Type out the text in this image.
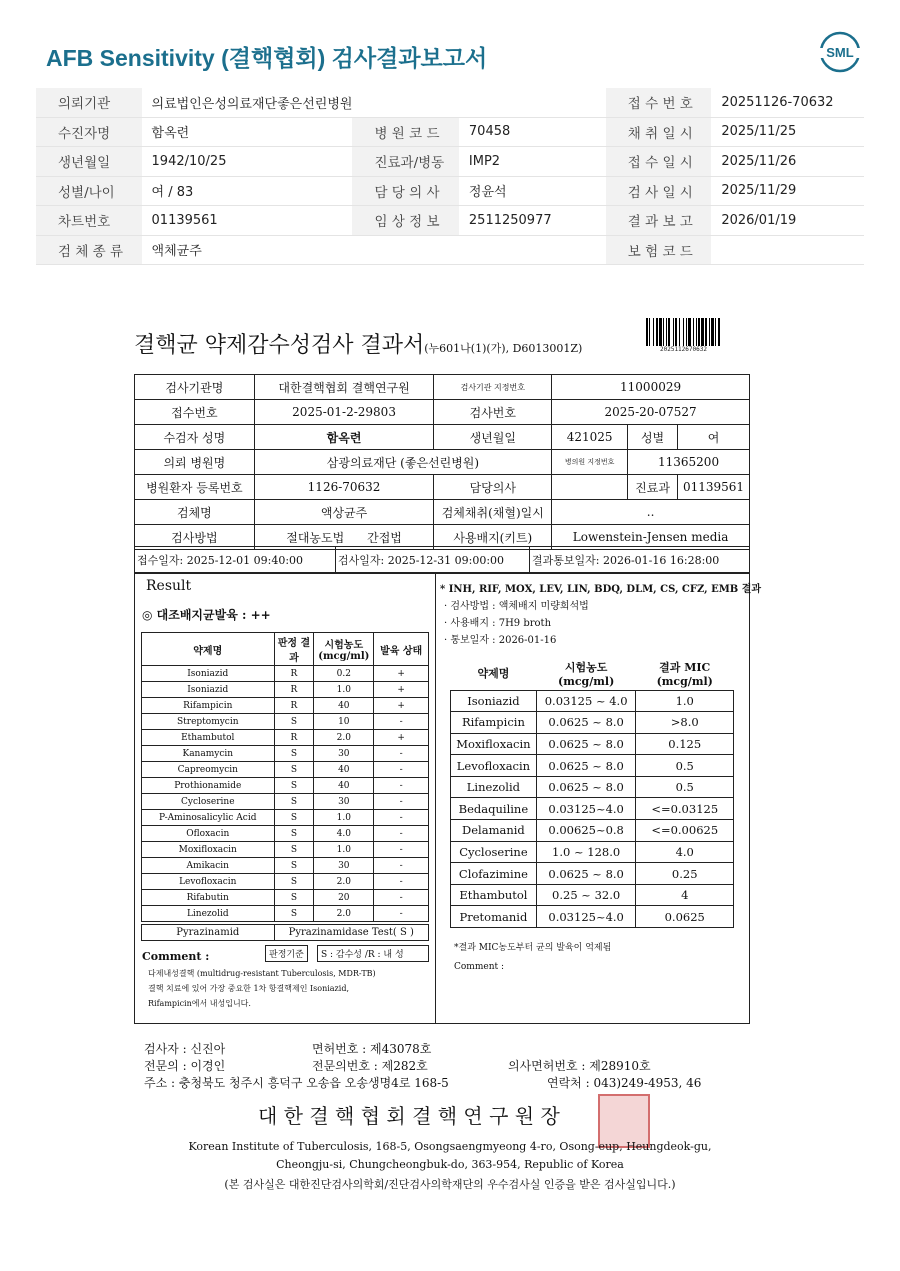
AFB Sensitivity (결핵협회) 검사결과보고서	SML
의뢰기관	의료법인은성의료재단좋은선린병원			접 수 번 호	20251126-70632
수진자명	함옥련	병 원 코 드	70458	채 취 일 시	2025/11/25
생년월일	1942/10/25	진료과/병동	IMP2	접 수 일 시	2025/11/26
성별/나이	여 / 83	담 당 의 사	정윤석	검 사 일 시	2025/11/29
차트번호	01139561	임 상 정 보	2511250977	결 과 보 고	2026/01/19
검 체 종 류	액체균주			보 험 코 드	
결핵균 약제감수성검사 결과서(누601나(1)(가), D6013001Z)	2025112670632
검사기관명	대한결핵협회 결핵연구원	검사기관 지정번호	11000029		
접수번호	2025-01-2-29803	검사번호	2025-20-07527		
수검자 성명	함옥련	생년월일	421025	성별	여
의뢰 병원명	삼광의료재단 (좋은선린병원)		병의원 지정번호	11365200	
병원환자 등록번호	1126-70632	담당의사		진료과	01139561
검체명	액상균주	검체채취(채혈)일시	..		
검사방법	절대농도법 간접법	사용배지(키트)	Lowenstein-Jensen media		
접수일자: 2025-12-01 09:40:00	검사일자: 2025-12-31 09:00:00	결과통보일자: 2026-01-16 16:28:00
Result
◎ 대조배지균발육 : ++
약제명	판정 결과	시험농도 (mcg/ml)	발육 상태
Isoniazid	R	0.2	+
Isoniazid	R	1.0	+
Rifampicin	R	40	+
Streptomycin	S	10	-
Ethambutol	R	2.0	+
Kanamycin	S	30	-
Capreomycin	S	40	-
Prothionamide	S	40	-
Cycloserine	S	30	-
P-Aminosalicylic Acid	S	1.0	-
Ofloxacin	S	4.0	-
Moxifloxacin	S	1.0	-
Amikacin	S	30	-
Levofloxacin	S	2.0	-
Rifabutin	S	20	-
Linezolid	S	2.0	-
Pyrazinamid	Pyrazinamidase Test( S )
Comment :	판정기준	S : 감수성 /R : 내 성
다제내성결핵 (multidrug-resistant Tuberculosis, MDR-TB)
결핵 치료에 있어 가장 중요한 1차 항결핵제인 Isoniazid,
Rifampicin에서 내성입니다.
* INH, RIF, MOX, LEV, LIN, BDQ, DLM, CS, CFZ, EMB 결과
· 검사방법 : 액체배지 미량희석법
· 사용배지 : 7H9 broth
· 통보일자 : 2026-01-16
약제명	시험농도 (mcg/ml)	결과 MIC (mcg/ml)
Isoniazid	0.03125 ~ 4.0	1.0
Rifampicin	0.0625 ~ 8.0	>8.0
Moxifloxacin	0.0625 ~ 8.0	0.125
Levofloxacin	0.0625 ~ 8.0	0.5
Linezolid	0.0625 ~ 8.0	0.5
Bedaquiline	0.03125~4.0	<=0.03125
Delamanid	0.00625~0.8	<=0.00625
Cycloserine	1.0 ~ 128.0	4.0
Clofazimine	0.0625 ~ 8.0	0.25
Ethambutol	0.25 ~ 32.0	4
Pretomanid	0.03125~4.0	0.0625
*결과 MIC농도부터 균의 발육이 억제됨
Comment :
검사자 : 신진아	면허번호 : 제43078호
전문의 : 이경인	전문의번호 : 제282호	의사면허번호 : 제28910호
주소 : 충청북도 청주시 흥덕구 오송읍 오송생명4로 168-5	연락처 : 043)249-4953, 46
대 한 결 핵 협 회 결 핵 연 구 원 장
Korean Institute of Tuberculosis, 168-5, Osongsaengmyeong 4-ro, Osong-eup, Heungdeok-gu,
Cheongju-si, Chungcheongbuk-do, 363-954, Republic of Korea
(본 검사실은 대한진단검사의학회/진단검사의학재단의 우수검사실 인증을 받은 검사실입니다.)
